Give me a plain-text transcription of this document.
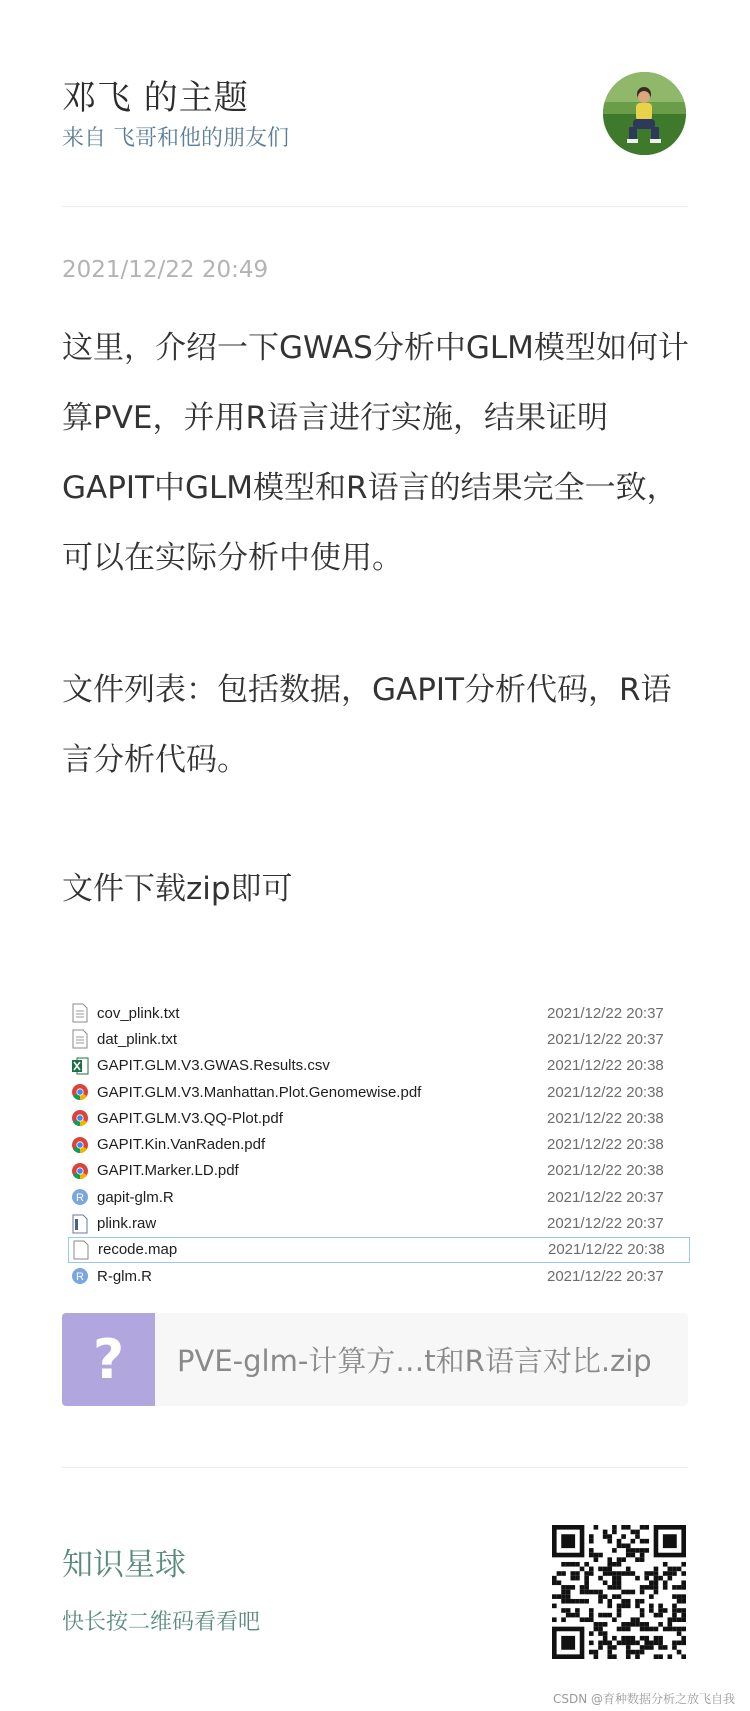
邓飞 的主题
来自 飞哥和他的朋友们
2021/12/22 20:49
这里，介绍一下GWAS分析中GLM模型如何计算PVE，并用R语言进行实施，结果证明GAPIT中GLM模型和R语言的结果完全一致，可以在实际分析中使用。
文件列表：包括数据，GAPIT分析代码，R语言分析代码。
文件下载zip即可
cov_plink.txt	2021/12/22 20:37
dat_plink.txt	2021/12/22 20:37
GAPIT.GLM.V3.GWAS.Results.csv	2021/12/22 20:38
GAPIT.GLM.V3.Manhattan.Plot.Genomewise.pdf	2021/12/22 20:38
GAPIT.GLM.V3.QQ-Plot.pdf	2021/12/22 20:38
GAPIT.Kin.VanRaden.pdf	2021/12/22 20:38
GAPIT.Marker.LD.pdf	2021/12/22 20:38
R gapit-glm.R	2021/12/22 20:37
plink.raw	2021/12/22 20:37
recode.map	2021/12/22 20:38
R R-glm.R	2021/12/22 20:37
?	PVE-glm-计算方…t和R语言对比.zip
知识星球
快长按二维码看看吧
CSDN @育种数据分析之放飞自我
